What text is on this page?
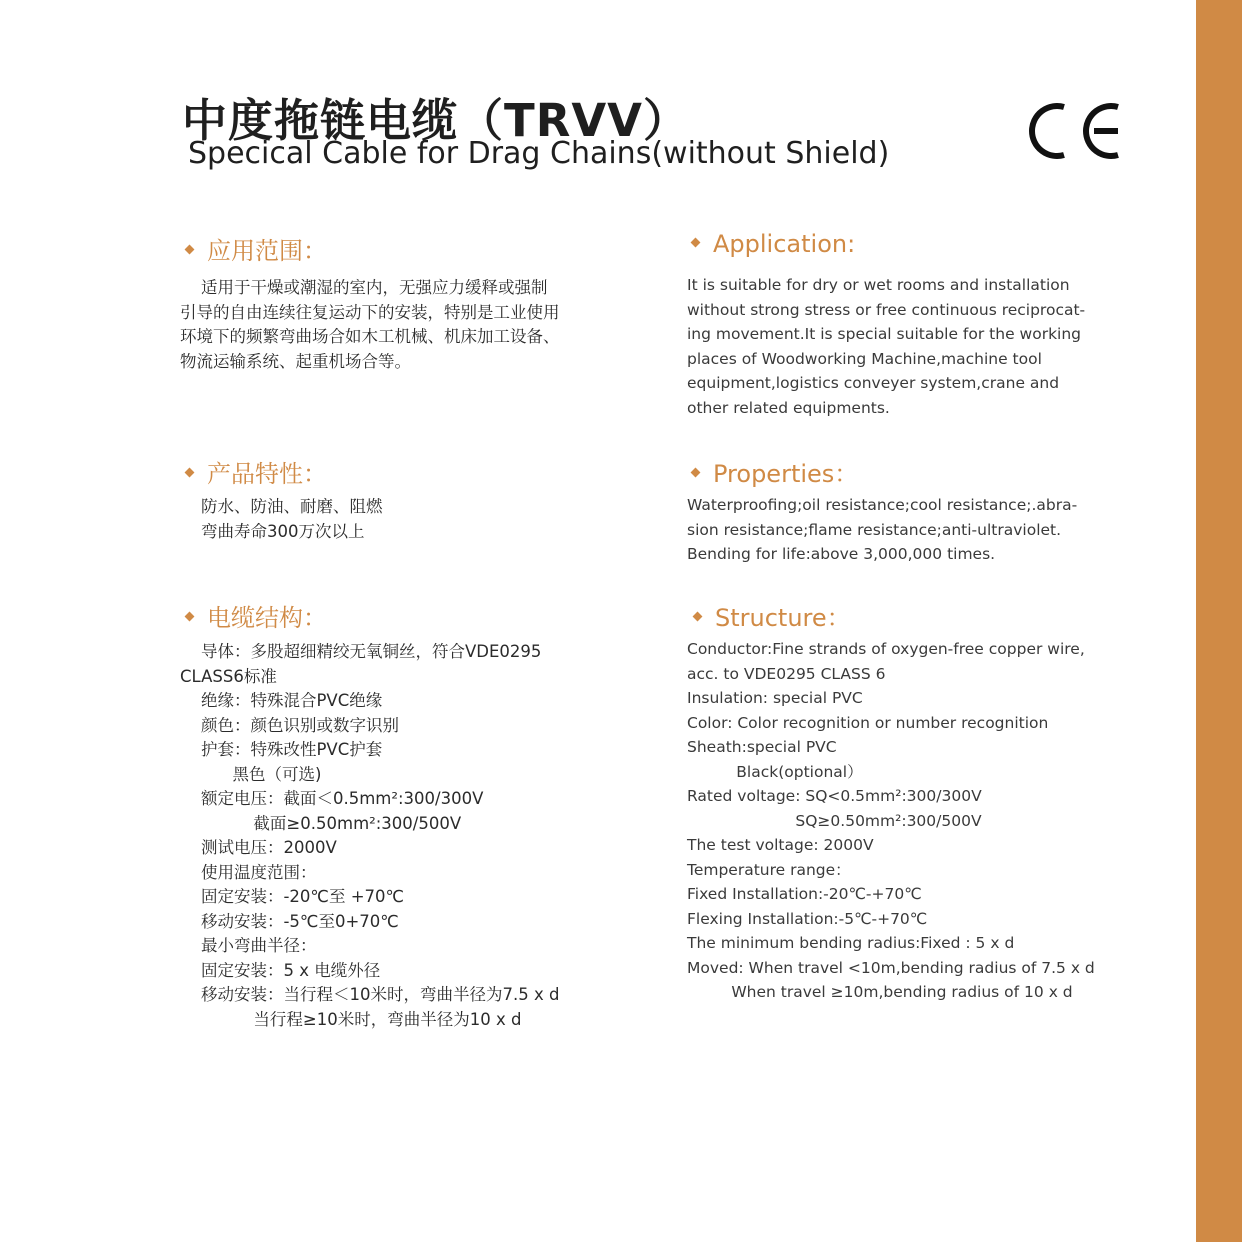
中度拖链电缆（TRVV）
Specical Cable for Drag Chains(without Shield)
应用范围：
适用于干燥或潮湿的室内，无强应力缓释或强制
引导的自由连续往复运动下的安装，特别是工业使用
环境下的频繁弯曲场合如木工机械、机床加工设备、
物流运输系统、起重机场合等。
产品特性：
防水、防油、耐磨、阻燃
弯曲寿命300万次以上
电缆结构：
导体：多股超细精绞无氧铜丝，符合VDE0295
CLASS6标准
绝缘：特殊混合PVC绝缘
颜色：颜色识别或数字识别
护套：特殊改性PVC护套
黑色（可选)
额定电压：截面＜0.5mm²:300/300V
截面≥0.50mm²:300/500V
测试电压：2000V
使用温度范围：
固定安装：-20℃至 +70℃
移动安装：-5℃至0+70℃
最小弯曲半径：
固定安装：5 x 电缆外径
移动安装：当行程＜10米时，弯曲半径为7.5 x d
当行程≥10米时，弯曲半径为10 x d
Application:
It is suitable for dry or wet rooms and installation
without strong stress or free continuous reciprocat-
ing movement.It is special suitable for the working
places of Woodworking Machine,machine tool
equipment,logistics conveyer system,crane and
other related equipments.
Properties：
Waterproofing;oil resistance;cool resistance;.abra-
sion resistance;flame resistance;anti-ultraviolet.
Bending for life:above 3,000,000 times.
Structure：
Conductor:Fine strands of oxygen-free copper wire,
acc. to VDE0295 CLASS 6
Insulation: special PVC
Color: Color recognition or number recognition
Sheath:special PVC
Black(optional）
Rated voltage: SQ<0.5mm²:300/300V
SQ≥0.50mm²:300/500V
The test voltage: 2000V
Temperature range：
Fixed Installation:-20℃-+70℃
Flexing Installation:-5℃-+70℃
The minimum bending radius:Fixed : 5 x d
Moved: When travel <10m,bending radius of 7.5 x d
When travel ≥10m,bending radius of 10 x d
